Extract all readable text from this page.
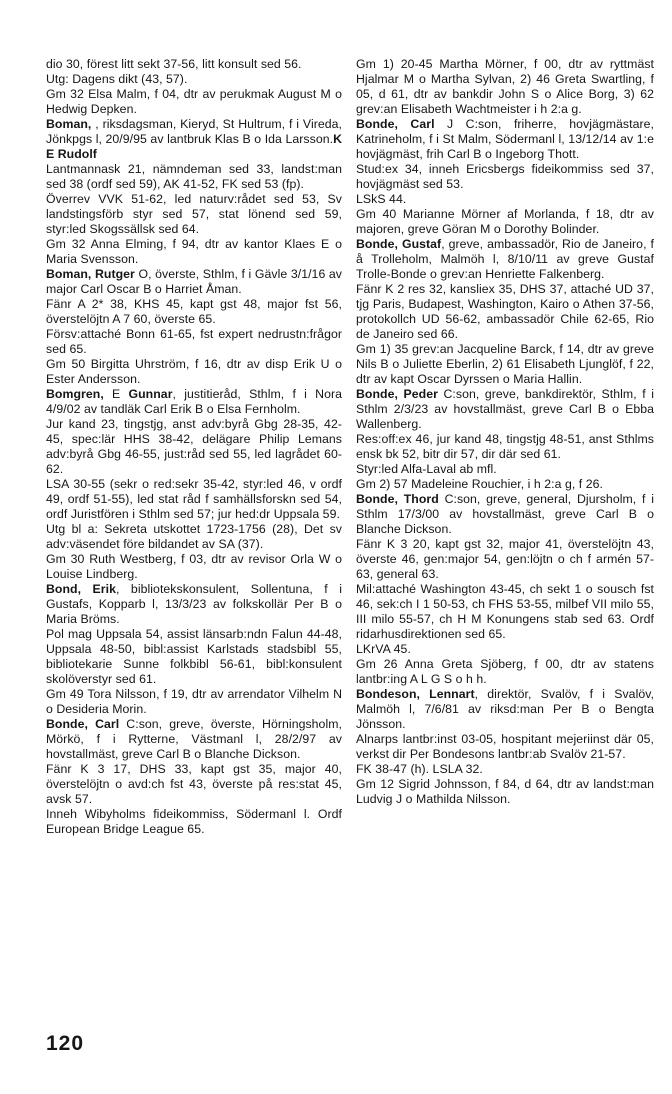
dio 30, förest litt sekt 37-56, litt konsult sed 56.

Utg: Dagens dikt (43, 57).

Gm 32 Elsa Malm, f 04, dtr av perukmak August M o Hedwig Depken.

Boman, , riksdagsman, Kieryd, St Hultrum, f i Vireda, Jönkpgs l, 20/9/95 av lantbruk Klas B o Ida Larsson.K E Rudolf

Lantmannask 21, nämndeman sed 33, landst:man sed 38 (ordf sed 59), AK 41-52, FK sed 53 (fp).

Överrev VVK 51-62, led naturv:rådet sed 53, Sv landstingsförb styr sed 57, stat lönend sed 59, styr:led Skogssällsk sed 64.

Gm 32 Anna Elming, f 94, dtr av kantor Klaes E o Maria Svensson.

Boman, Rutger O, överste, Sthlm, f i Gävle 3/1/16 av major Carl Oscar B o Harriet Åman.

Fänr A 2* 38, KHS 45, kapt gst 48, major fst 56, överstelöjtn A 7 60, överste 65.

Försv:attaché Bonn 61-65, fst expert nedrustn:frågor sed 65.

Gm 50 Birgitta Uhrström, f 16, dtr av disp Erik U o Ester Andersson.

Bomgren, E Gunnar, justitieråd, Sthlm, f i Nora 4/9/02 av tandläk Carl Erik B o Elsa Fernholm.

Jur kand 23, tingstjg, anst adv:byrå Gbg 28-35, 42-45, spec:lär HHS 38-42, delägare Philip Lemans adv:byrå Gbg 46-55, just:råd sed 55, led lagrådet 60-62.

LSA 30-55 (sekr o red:sekr 35-42, styr:led 46, v ordf 49, ordf 51-55), led stat råd f samhällsforskn sed 54, ordf Juristfören i Sthlm sed 57; jur hed:dr Uppsala 59.

Utg bl a: Sekreta utskottet 1723-1756 (28), Det sv adv:väsendet före bildandet av SA (37).

Gm 30 Ruth Westberg, f 03, dtr av revisor Orla W o Louise Lindberg.

Bond, Erik, bibliotekskonsulent, Sollentuna, f i Gustafs, Kopparb l, 13/3/23 av folkskollär Per B o Maria Bröms.

Pol mag Uppsala 54, assist länsarb:ndn Falun 44-48, Uppsala 48-50, bibl:assist Karlstads stadsbibl 55, bibliotekarie Sunne folkbibl 56-61, bibl:konsulent skolöverstyr sed 61.

Gm 49 Tora Nilsson, f 19, dtr av arrendator Vilhelm N o Desideria Morin.

Bonde, Carl C:son, greve, överste, Hörningsholm, Mörkö, f i Rytterne, Västmanl l, 28/2/97 av hovstallmäst, greve Carl B o Blanche Dickson.

Fänr K 3 17, DHS 33, kapt gst 35, major 40, överstelöjtn o avd:ch fst 43, överste på res:stat 45, avsk 57.

Inneh Wibyholms fideikommiss, Södermanl l. Ordf European Bridge League 65.

Gm 1) 20-45 Martha Mörner, f 00, dtr av ryttmäst Hjalmar M o Martha Sylvan, 2) 46 Greta Swartling, f 05, d 61, dtr av bankdir John S o Alice Borg, 3) 62 grev:an Elisabeth Wachtmeister i h 2:a g.

Bonde, Carl J C:son, friherre, hovjägmästare, Katrineholm, f i St Malm, Södermanl l, 13/12/14 av 1:e hovjägmäst, frih Carl B o Ingeborg Thott.

Stud:ex 34, inneh Ericsbergs fideikommiss sed 37, hovjägmäst sed 53.

LSkS 44.

Gm 40 Marianne Mörner af Morlanda, f 18, dtr av majoren, greve Göran M o Dorothy Bolinder.

Bonde, Gustaf, greve, ambassadör, Rio de Janeiro, f å Trolleholm, Malmöh l, 8/10/11 av greve Gustaf Trolle-Bonde o grev:an Henriette Falkenberg.

Fänr K 2 res 32, kansliex 35, DHS 37, attaché UD 37, tjg Paris, Budapest, Washington, Kairo o Athen 37-56, protokollch UD 56-62, ambassadör Chile 62-65, Rio de Janeiro sed 66.

Gm 1) 35 grev:an Jacqueline Barck, f 14, dtr av greve Nils B o Juliette Eberlin, 2) 61 Elisabeth Ljunglöf, f 22, dtr av kapt Oscar Dyrssen o Maria Hallin.

Bonde, Peder C:son, greve, bankdirektör, Sthlm, f i Sthlm 2/3/23 av hovstallmäst, greve Carl B o Ebba Wallenberg.

Res:off:ex 46, jur kand 48, tingstjg 48-51, anst Sthlms ensk bk 52, bitr dir 57, dir där sed 61.

Styr:led Alfa-Laval ab mfl.

Gm 2) 57 Madeleine Rouchier, i h 2:a g, f 26.

Bonde, Thord C:son, greve, general, Djursholm, f i Sthlm 17/3/00 av hovstallmäst, greve Carl B o Blanche Dickson.

Fänr K 3 20, kapt gst 32, major 41, överstelöjtn 43, överste 46, gen:major 54, gen:löjtn o ch f armén 57-63, general 63.

Mil:attaché Washington 43-45, ch sekt 1 o sousch fst 46, sek:ch I 1 50-53, ch FHS 53-55, milbef VII milo 55, III milo 55-57, ch H M Konungens stab sed 63. Ordf ridarhusdirektionen sed 65.

LKrVA 45.

Gm 26 Anna Greta Sjöberg, f 00, dtr av statens lantbr:ing A L G S o h h.

Bondeson, Lennart, direktör, Svalöv, f i Svalöv, Malmöh l, 7/6/81 av riksd:man Per B o Bengta Jönsson.

Alnarps lantbr:inst 03-05, hospitant mejeriinst där 05, verkst dir Per Bondesons lantbr:ab Svalöv 21-57.

FK 38-47 (h). LSLA 32.

Gm 12 Sigrid Johnsson, f 84, d 64, dtr av landst:man Ludvig J o Mathilda Nilsson.

120
